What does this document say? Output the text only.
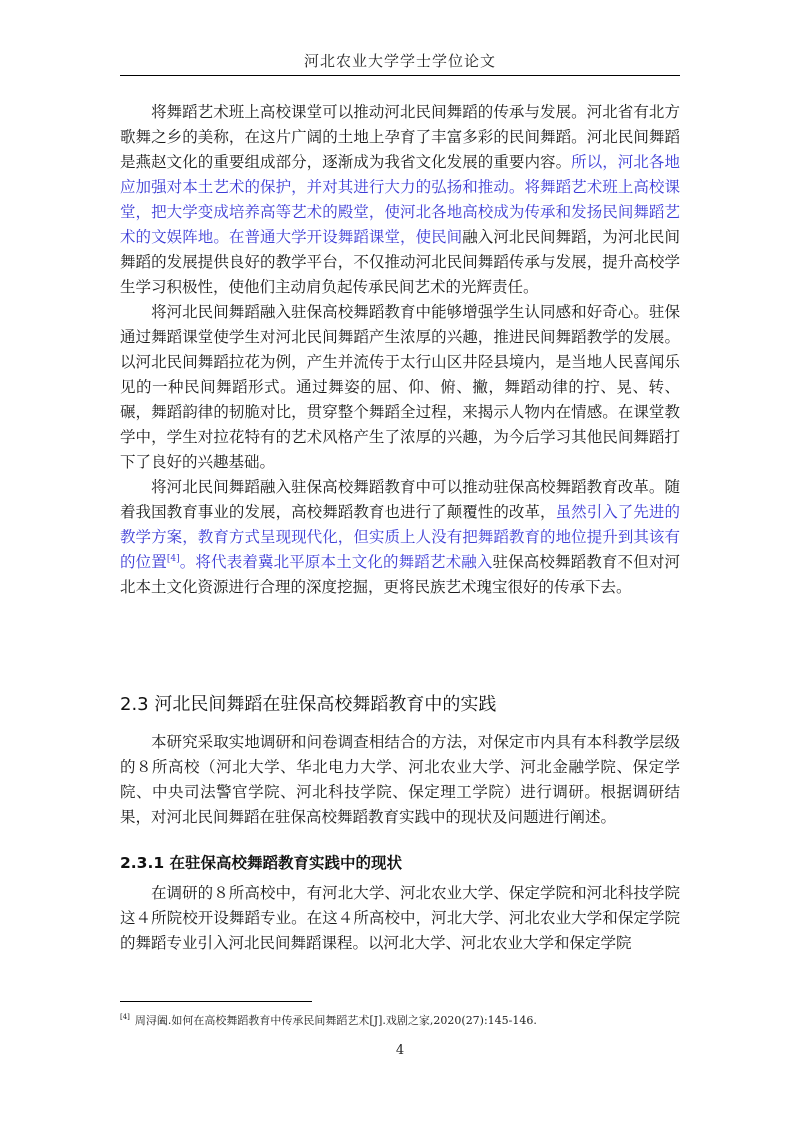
河北农业大学学士学位论文

将舞蹈艺术班上高校课堂可以推动河北民间舞蹈的传承与发展。河北省有北方歌舞之乡的美称，在这片广阔的土地上孕育了丰富多彩的民间舞蹈。河北民间舞蹈是燕赵文化的重要组成部分，逐渐成为我省文化发展的重要内容。所以，河北各地应加强对本土艺术的保护，并对其进行大力的弘扬和推动。将舞蹈艺术班上高校课堂，把大学变成培养高等艺术的殿堂，使河北各地高校成为传承和发扬民间舞蹈艺术的文娱阵地。在普通大学开设舞蹈课堂，使民间融入河北民间舞蹈，为河北民间舞蹈的发展提供良好的教学平台，不仅推动河北民间舞蹈传承与发展，提升高校学生学习积极性，使他们主动肩负起传承民间艺术的光辉责任。

将河北民间舞蹈融入驻保高校舞蹈教育中能够增强学生认同感和好奇心。驻保通过舞蹈课堂使学生对河北民间舞蹈产生浓厚的兴趣，推进民间舞蹈教学的发展。以河北民间舞蹈拉花为例，产生并流传于太行山区井陉县境内，是当地人民喜闻乐见的一种民间舞蹈形式。通过舞姿的屈、仰、俯、撇，舞蹈动律的拧、晃、转、碾，舞蹈韵律的韧脆对比，贯穿整个舞蹈全过程，来揭示人物内在情感。在课堂教学中，学生对拉花特有的艺术风格产生了浓厚的兴趣，为今后学习其他民间舞蹈打下了良好的兴趣基础。

将河北民间舞蹈融入驻保高校舞蹈教育中可以推动驻保高校舞蹈教育改革。随着我国教育事业的发展，高校舞蹈教育也进行了颠覆性的改革，虽然引入了先进的教学方案，教育方式呈现现代化，但实质上人没有把舞蹈教育的地位提升到其该有的位置[4]。将代表着冀北平原本土文化的舞蹈艺术融入驻保高校舞蹈教育不但对河北本土文化资源进行合理的深度挖掘，更将民族艺术瑰宝很好的传承下去。

2.3 河北民间舞蹈在驻保高校舞蹈教育中的实践

本研究采取实地调研和问卷调查相结合的方法，对保定市内具有本科教学层级的８所高校（河北大学、华北电力大学、河北农业大学、河北金融学院、保定学院、中央司法警官学院、河北科技学院、保定理工学院）进行调研。根据调研结果，对河北民间舞蹈在驻保高校舞蹈教育实践中的现状及问题进行阐述。

2.3.1 在驻保高校舞蹈教育实践中的现状

在调研的８所高校中，有河北大学、河北农业大学、保定学院和河北科技学院这４所院校开设舞蹈专业。在这４所高校中，河北大学、河北农业大学和保定学院的舞蹈专业引入河北民间舞蹈课程。以河北大学、河北农业大学和保定学院

[4] 周浔阖.如何在高校舞蹈教育中传承民间舞蹈艺术[J].戏剧之家,2020(27):145-146.
4
